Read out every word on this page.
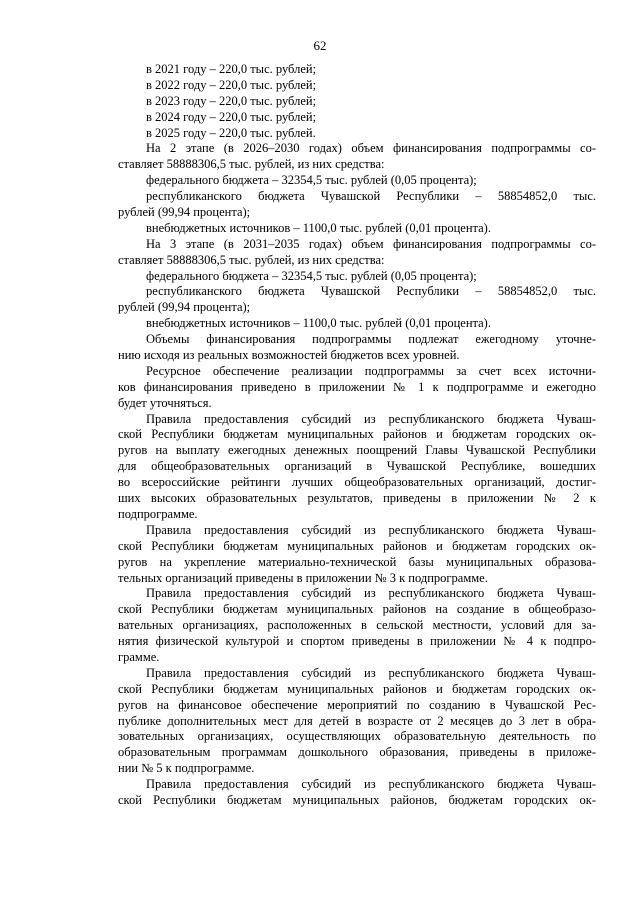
62
в 2021 году – 220,0 тыс. рублей;
в 2022 году – 220,0 тыс. рублей;
в 2023 году – 220,0 тыс. рублей;
в 2024 году – 220,0 тыс. рублей;
в 2025 году – 220,0 тыс. рублей.
На 2 этапе (в 2026–2030 годах) объем финансирования подпрограммы со-
ставляет 58888306,5 тыс. рублей, из них средства:
федерального бюджета – 32354,5 тыс. рублей (0,05 процента);
республиканского бюджета Чувашской Республики – 58854852,0 тыс.
рублей (99,94 процента);
внебюджетных источников – 1100,0 тыс. рублей (0,01 процента).
На 3 этапе (в 2031–2035 годах) объем финансирования подпрограммы со-
ставляет 58888306,5 тыс. рублей, из них средства:
федерального бюджета – 32354,5 тыс. рублей (0,05 процента);
республиканского бюджета Чувашской Республики – 58854852,0 тыс.
рублей (99,94 процента);
внебюджетных источников – 1100,0 тыс. рублей (0,01 процента).
Объемы финансирования подпрограммы подлежат ежегодному уточне-
нию исходя из реальных возможностей бюджетов всех уровней.
Ресурсное обеспечение реализации подпрограммы за счет всех источни-
ков финансирования приведено в приложении № 1 к подпрограмме и ежегодно
будет уточняться.
Правила предоставления субсидий из республиканского бюджета Чуваш-
ской Республики бюджетам муниципальных районов и бюджетам городских ок-
ругов на выплату ежегодных денежных поощрений Главы Чувашской Республики
для общеобразовательных организаций в Чувашской Республике, вошедших
во всероссийские рейтинги лучших общеобразовательных организаций, достиг-
ших высоких образовательных результатов, приведены в приложении № 2 к
подпрограмме.
Правила предоставления субсидий из республиканского бюджета Чуваш-
ской Республики бюджетам муниципальных районов и бюджетам городских ок-
ругов на укрепление материально-технической базы муниципальных образова-
тельных организаций приведены в приложении № 3 к подпрограмме.
Правила предоставления субсидий из республиканского бюджета Чуваш-
ской Республики бюджетам муниципальных районов на создание в общеобразо-
вательных организациях, расположенных в сельской местности, условий для за-
нятия физической культурой и спортом приведены в приложении № 4 к подпро-
грамме.
Правила предоставления субсидий из республиканского бюджета Чуваш-
ской Республики бюджетам муниципальных районов и бюджетам городских ок-
ругов на финансовое обеспечение мероприятий по созданию в Чувашской Рес-
публике дополнительных мест для детей в возрасте от 2 месяцев до 3 лет в обра-
зовательных организациях, осуществляющих образовательную деятельность по
образовательным программам дошкольного образования, приведены в приложе-
нии № 5 к подпрограмме.
Правила предоставления субсидий из республиканского бюджета Чуваш-
ской Республики бюджетам муниципальных районов, бюджетам городских ок-
